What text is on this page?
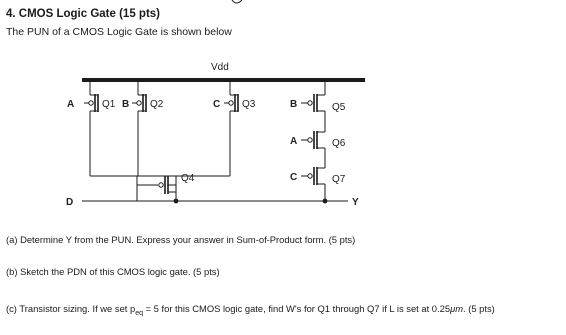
4. CMOS Logic Gate (15 pts)
The PUN of a CMOS Logic Gate is shown below
Vdd
A	Q1 B Q2	C Q3
Q4
B	Q5
A	Q6
C	Q7
D	Y
(a) Determine Y from the PUN. Express your answer in Sum-of-Product form. (5 pts)
(b) Sketch the PDN of this CMOS logic gate. (5 pts)
(c) Transistor sizing. If we set $p_{eq} = 5$ for this CMOS logic gate, find W's for Q1 through Q7 if L is set at 0.25μm. (5 pts)
